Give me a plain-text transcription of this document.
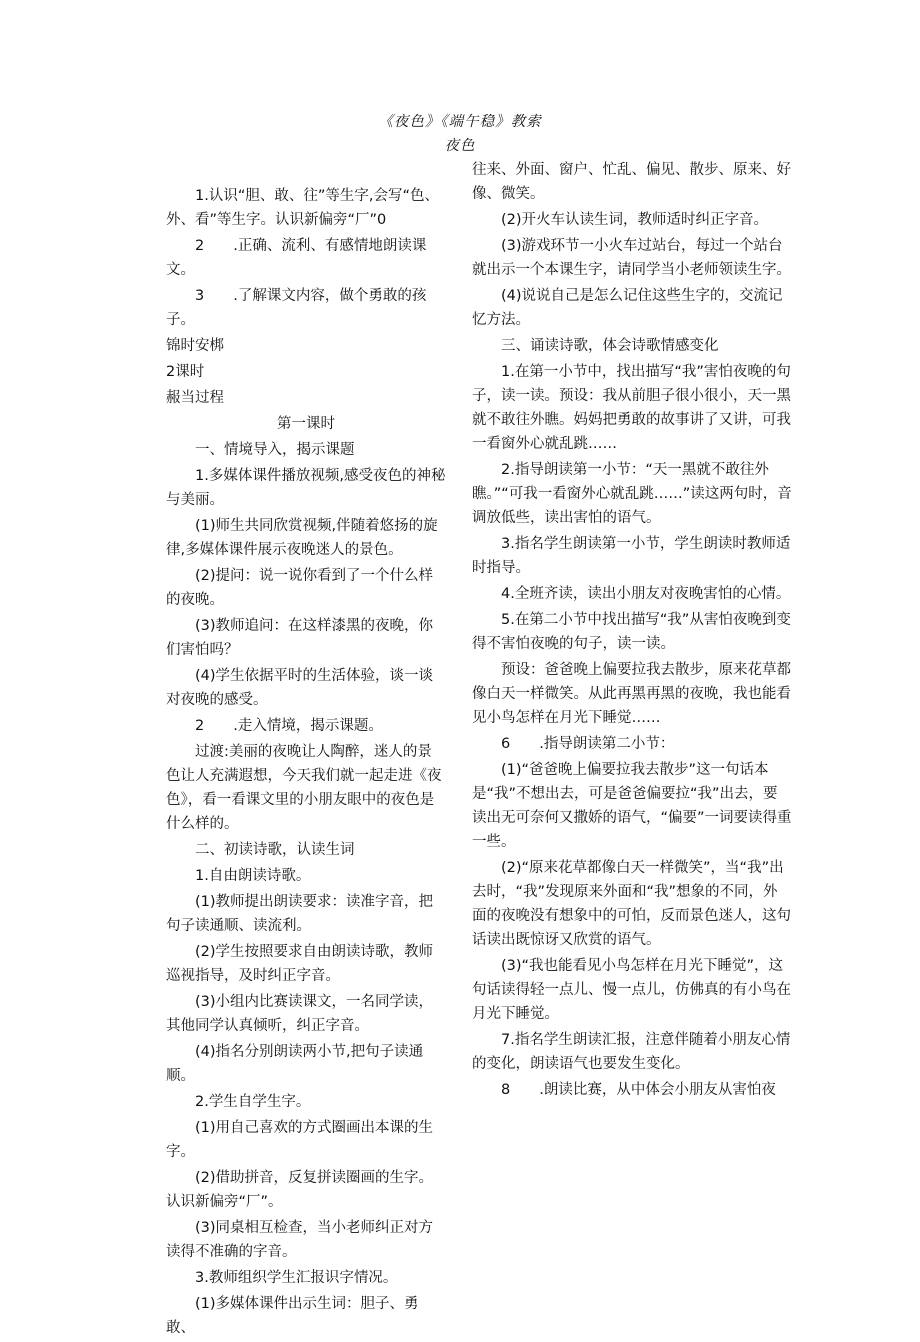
《夜色》《端午稳》教索
夜色

1.认识“胆、敢、往”等生字,会写“色、外、看”等生字。认识新偏旁“厂”0

2　　.正确、流利、有感情地朗读课文。

3　　.了解课文内容，做个勇敢的孩子。

锦时安梆

2课时

赧当过程

第一课时

一、情境导入，揭示课题

1.多媒体课件播放视频,感受夜色的神秘与美丽。

(1)师生共同欣赏视频,伴随着悠扬的旋律,多媒体课件展示夜晚迷人的景色。

(2)提问：说一说你看到了一个什么样的夜晚。

(3)教师追问：在这样漆黑的夜晚，你们害怕吗？

(4)学生依据平时的生活体验，谈一谈对夜晚的感受。

2　　.走入情境，揭示课题。

过渡:美丽的夜晚让人陶醉，迷人的景色让人充满遐想，今天我们就一起走进《夜色》，看一看课文里的小朋友眼中的夜色是什么样的。

二、初读诗歌，认读生词

1.自由朗读诗歌。

(1)教师提出朗读要求：读准字音，把句子读通顺、读流利。

(2)学生按照要求自由朗读诗歌，教师巡视指导，及时纠正字音。

(3)小组内比赛读课文，一名同学读，其他同学认真倾听，纠正字音。

(4)指名分别朗读两小节,把句子读通顺。

2.学生自学生字。

(1)用自己喜欢的方式圈画出本课的生字。

(2)借助拼音，反复拼读圈画的生字。认识新偏旁“厂”。

(3)同桌相互检查，当小老师纠正对方读得不准确的字音。

3.教师组织学生汇报识字情况。

(1)多媒体课件出示生词：胆子、勇敢、

往来、外面、窗户、忙乱、偏见、散步、原来、好像、微笑。

(2)开火车认读生词，教师适时纠正字音。

(3)游戏环节一小火车过站台，每过一个站台就出示一个本课生字，请同学当小老师领读生字。

(4)说说自己是怎么记住这些生字的，交流记忆方法。

三、诵读诗歌，体会诗歌情感变化

1.在第一小节中，找出描写“我”害怕夜晚的句子，读一读。预设：我从前胆子很小很小，天一黑就不敢往外瞧。妈妈把勇敢的故事讲了又讲，可我一看窗外心就乱跳……

2.指导朗读第一小节：“天一黑就不敢往外瞧。”“可我一看窗外心就乱跳……”读这两句时，音调放低些，读出害怕的语气。

3.指名学生朗读第一小节，学生朗读时教师适时指导。

4.全班齐读，读出小朋友对夜晚害怕的心情。

5.在第二小节中找出描写“我”从害怕夜晚到变得不害怕夜晚的句子，读一读。

预设：爸爸晚上偏要拉我去散步，原来花草都像白天一样微笑。从此再黑再黑的夜晚，我也能看见小鸟怎样在月光下睡觉……

6　　.指导朗读第二小节：

(1)“爸爸晚上偏要拉我去散步”这一句话本是“我”不想出去，可是爸爸偏要拉“我”出去，要读出无可奈何又撒娇的语气，“偏要”一词要读得重一些。

(2)“原来花草都像白天一样微笑”，当“我”出去时，“我”发现原来外面和“我”想象的不同，外面的夜晚没有想象中的可怕，反而景色迷人，这句话读出既惊讶又欣赏的语气。

(3)“我也能看见小鸟怎样在月光下睡觉”，这句话读得轻一点儿、慢一点儿，仿佛真的有小鸟在月光下睡觉。

7.指名学生朗读汇报，注意伴随着小朋友心情的变化，朗读语气也要发生变化。

8　　.朗读比赛，从中体会小朋友从害怕夜
